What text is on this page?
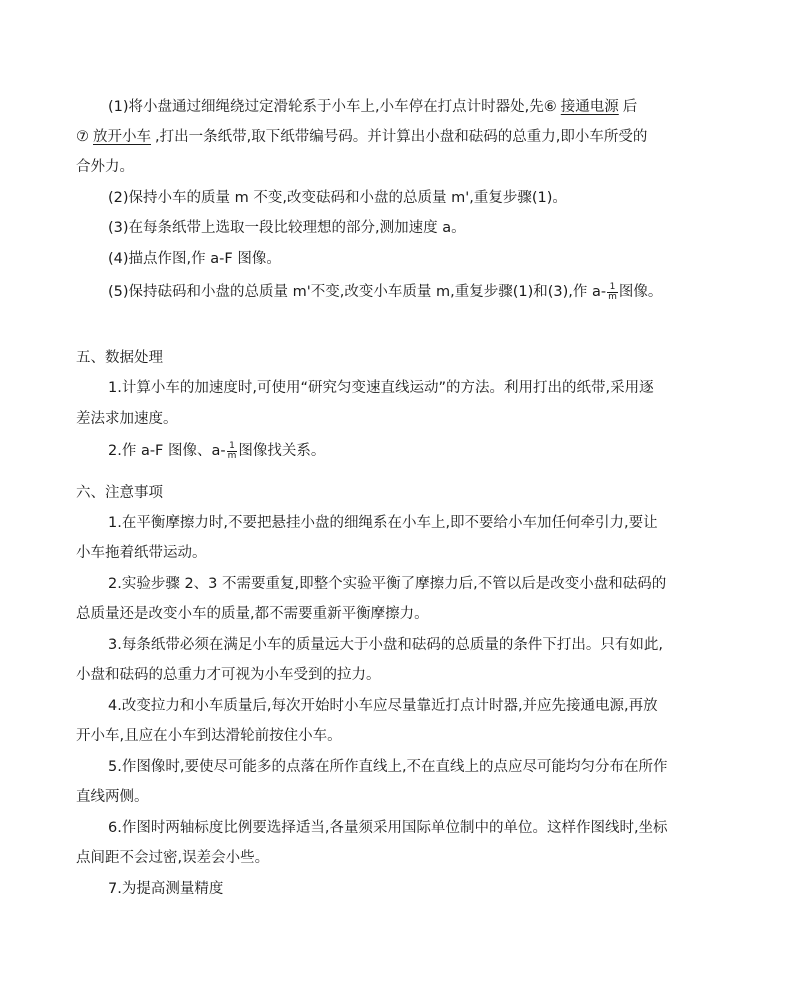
(1)将小盘通过细绳绕过定滑轮系于小车上,小车停在打点计时器处,先⑥ 接通电源 后
⑦ 放开小车 ,打出一条纸带,取下纸带编号码。并计算出小盘和砝码的总重力,即小车所受的
合外力。
(2)保持小车的质量 m 不变,改变砝码和小盘的总质量 m',重复步骤(1)。
(3)在每条纸带上选取一段比较理想的部分,测加速度 a。
(4)描点作图,作 a-F 图像。
(5)保持砝码和小盘的总质量 m'不变,改变小车质量 m,重复步骤(1)和(3),作 $a- \frac{1}{m}$ 图像。
五、数据处理
1.计算小车的加速度时,可使用“研究匀变速直线运动”的方法。利用打出的纸带,采用逐
差法求加速度。
2.作 a-F 图像、$a- \frac{1}{m}$ 图像找关系。
六、注意事项
1.在平衡摩擦力时,不要把悬挂小盘的细绳系在小车上,即不要给小车加任何牵引力,要让
小车拖着纸带运动。
2.实验步骤 2、3 不需要重复,即整个实验平衡了摩擦力后,不管以后是改变小盘和砝码的
总质量还是改变小车的质量,都不需要重新平衡摩擦力。
3.每条纸带必须在满足小车的质量远大于小盘和砝码的总质量的条件下打出。只有如此,
小盘和砝码的总重力才可视为小车受到的拉力。
4.改变拉力和小车质量后,每次开始时小车应尽量靠近打点计时器,并应先接通电源,再放
开小车,且应在小车到达滑轮前按住小车。
5.作图像时,要使尽可能多的点落在所作直线上,不在直线上的点应尽可能均匀分布在所作
直线两侧。
6.作图时两轴标度比例要选择适当,各量须采用国际单位制中的单位。这样作图线时,坐标
点间距不会过密,误差会小些。
7.为提高测量精度
